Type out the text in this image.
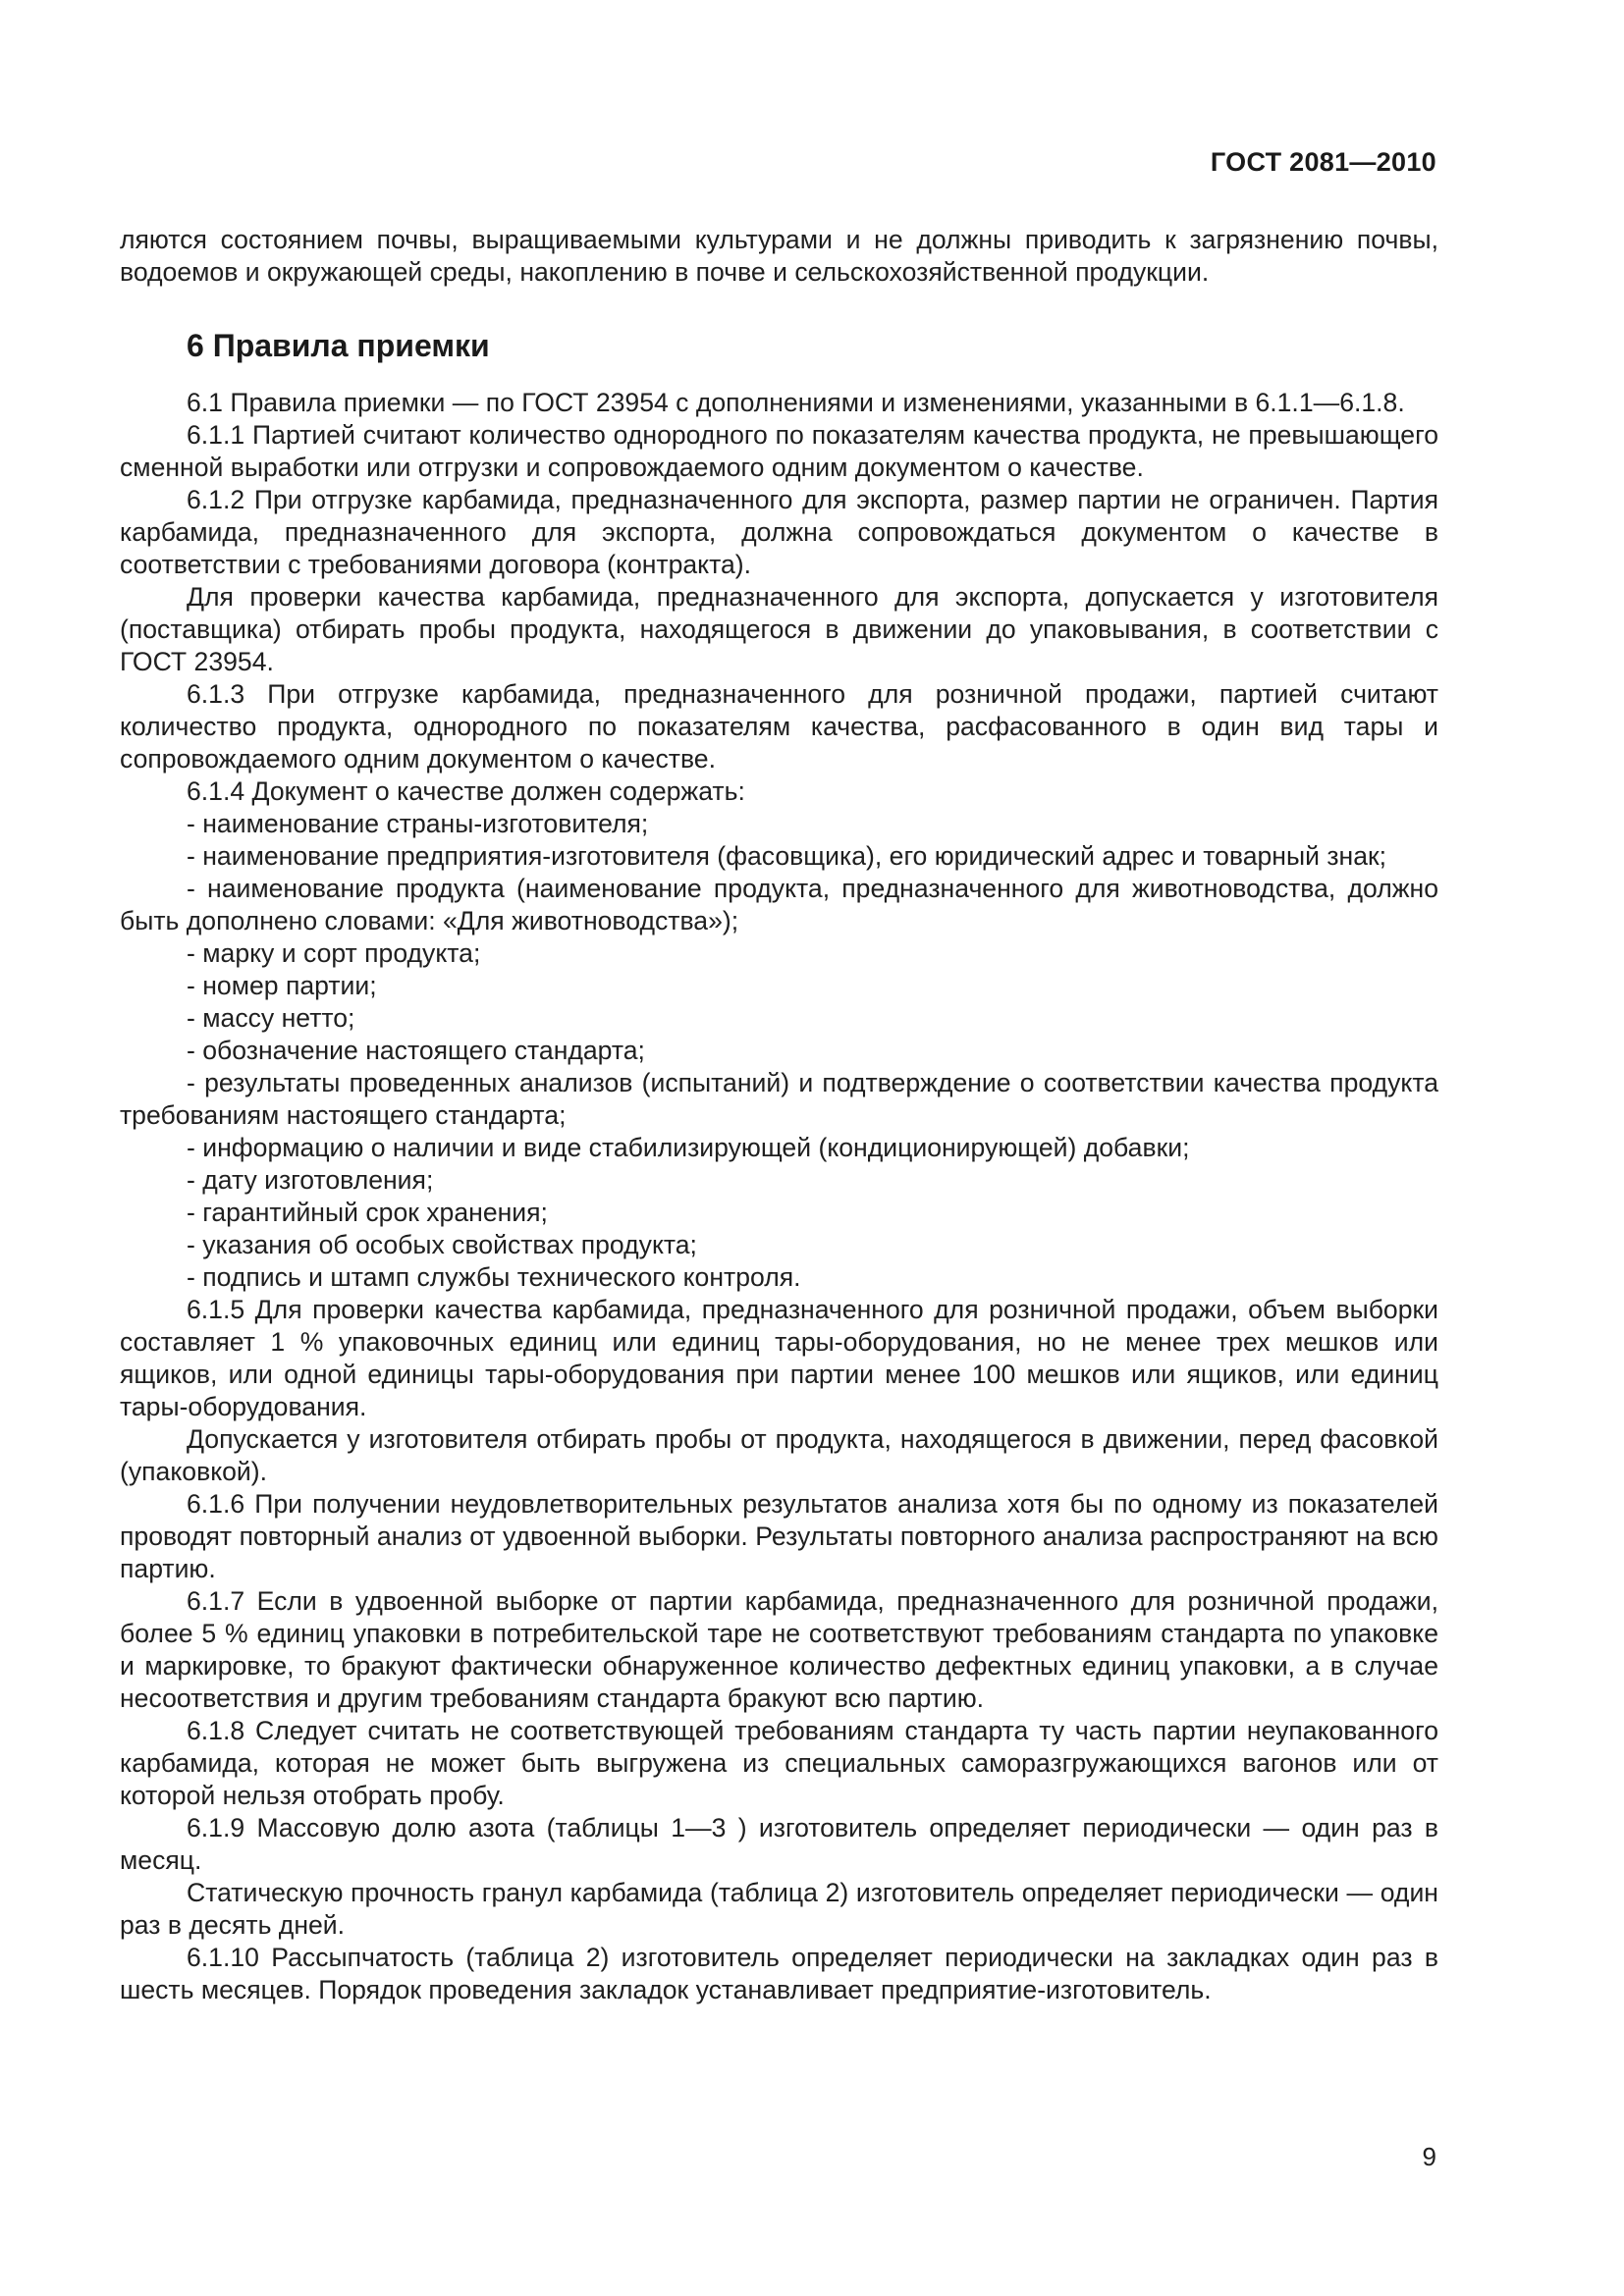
ГОСТ 2081—2010

ляются состоянием почвы, выращиваемыми культурами и не должны приводить к загрязнению почвы, водоемов и окружающей среды, накоплению в почве и сельскохозяйственной продукции.

6 Правила приемки

6.1 Правила приемки — по ГОСТ 23954 с дополнениями и изменениями, указанными в 6.1.1—6.1.8.

6.1.1 Партией считают количество однородного по показателям качества продукта, не превышающего сменной выработки или отгрузки и сопровождаемого одним документом о качестве.

6.1.2 При отгрузке карбамида, предназначенного для экспорта, размер партии не ограничен. Партия карбамида, предназначенного для экспорта, должна сопровождаться документом о качестве в соответствии с требованиями договора (контракта).

Для проверки качества карбамида, предназначенного для экспорта, допускается у изготовителя (поставщика) отбирать пробы продукта, находящегося в движении до упаковывания, в соответствии с ГОСТ 23954.

6.1.3 При отгрузке карбамида, предназначенного для розничной продажи, партией считают количество продукта, однородного по показателям качества, расфасованного в один вид тары и сопровождаемого одним документом о качестве.

6.1.4 Документ о качестве должен содержать:

- наименование страны-изготовителя;

- наименование предприятия-изготовителя (фасовщика), его юридический адрес и товарный знак;

- наименование продукта (наименование продукта, предназначенного для животноводства, должно быть дополнено словами: «Для животноводства»);

- марку и сорт продукта;

- номер партии;

- массу нетто;

- обозначение настоящего стандарта;

- результаты проведенных анализов (испытаний) и подтверждение о соответствии качества продукта требованиям настоящего стандарта;

- информацию о наличии и виде стабилизирующей (кондиционирующей) добавки;

- дату изготовления;

- гарантийный срок хранения;

- указания об особых свойствах продукта;

- подпись и штамп службы технического контроля.

6.1.5 Для проверки качества карбамида, предназначенного для розничной продажи, объем выборки составляет 1 % упаковочных единиц или единиц тары-оборудования, но не менее трех мешков или ящиков, или одной единицы тары-оборудования при партии менее 100 мешков или ящиков, или единиц тары-оборудования.

Допускается у изготовителя отбирать пробы от продукта, находящегося в движении, перед фасовкой (упаковкой).

6.1.6 При получении неудовлетворительных результатов анализа хотя бы по одному из показателей проводят повторный анализ от удвоенной выборки. Результаты повторного анализа распространяют на всю партию.

6.1.7 Если в удвоенной выборке от партии карбамида, предназначенного для розничной продажи, более 5 % единиц упаковки в потребительской таре не соответствуют требованиям стандарта по упаковке и маркировке, то бракуют фактически обнаруженное количество дефектных единиц упаковки, а в случае несоответствия и другим требованиям стандарта бракуют всю партию.

6.1.8 Следует считать не соответствующей требованиям стандарта ту часть партии неупакованного карбамида, которая не может быть выгружена из специальных саморазгружающихся вагонов или от которой нельзя отобрать пробу.

6.1.9 Массовую долю азота (таблицы 1—3 ) изготовитель определяет периодически — один раз в месяц.

Статическую прочность гранул карбамида (таблица 2) изготовитель определяет периодически — один раз в десять дней.

6.1.10 Рассыпчатость (таблица 2) изготовитель определяет периодически на закладках один раз в шесть месяцев. Порядок проведения закладок устанавливает предприятие-изготовитель.

9
